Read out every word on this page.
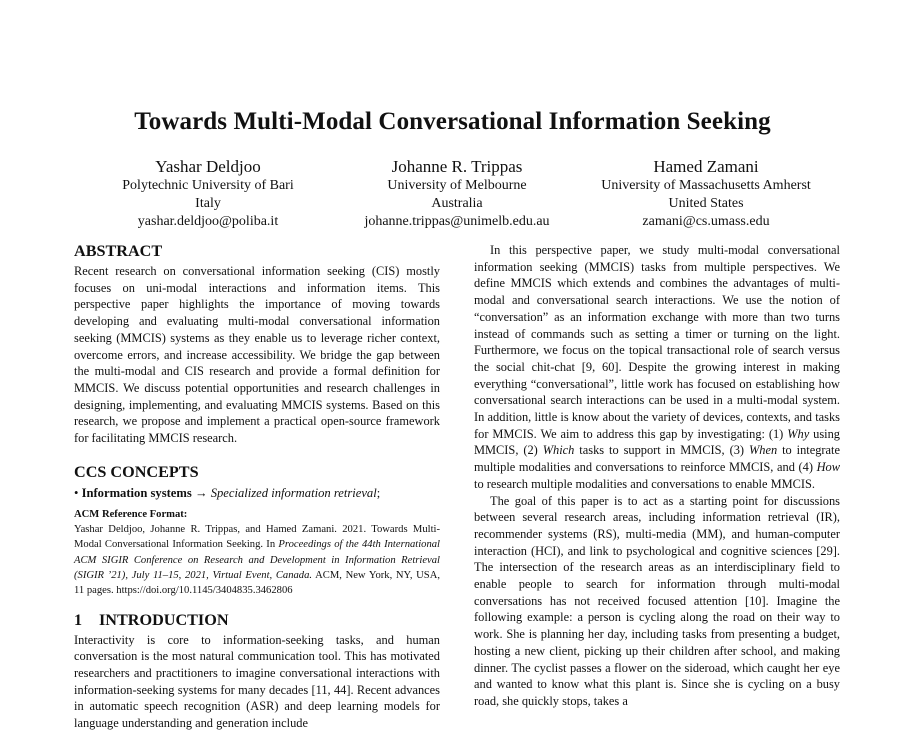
Towards Multi-Modal Conversational Information Seeking
Yashar Deldjoo
Polytechnic University of Bari
Italy
yashar.deldjoo@poliba.it
Johanne R. Trippas
University of Melbourne
Australia
johanne.trippas@unimelb.edu.au
Hamed Zamani
University of Massachusetts Amherst
United States
zamani@cs.umass.edu
ABSTRACT

Recent research on conversational information seeking (CIS) mostly focuses on uni-modal interactions and information items. This perspective paper highlights the importance of moving towards developing and evaluating multi-modal conversational information seeking (MMCIS) systems as they enable us to leverage richer context, overcome errors, and increase accessibility. We bridge the gap between the multi-modal and CIS research and provide a formal definition for MMCIS. We discuss potential opportunities and research challenges in designing, implementing, and evaluating MMCIS systems. Based on this research, we propose and implement a practical open-source framework for facilitating MMCIS research.

CCS CONCEPTS
• Information systems → Specialized information retrieval;
ACM Reference Format:

Yashar Deldjoo, Johanne R. Trippas, and Hamed Zamani. 2021. Towards Multi-Modal Conversational Information Seeking. In Proceedings of the 44th International ACM SIGIR Conference on Research and Development in Information Retrieval (SIGIR ’21), July 11–15, 2021, Virtual Event, Canada. ACM, New York, NY, USA, 11 pages. https://doi.org/10.1145/3404835.3462806

1 INTRODUCTION

Interactivity is core to information-seeking tasks, and human conversation is the most natural communication tool. This has motivated researchers and practitioners to imagine conversational interactions with information-seeking systems for many decades [11, 44]. Recent advances in automatic speech recognition (ASR) and deep learning models for language understanding and generation include

In this perspective paper, we study multi-modal conversational information seeking (MMCIS) tasks from multiple perspectives. We define MMCIS which extends and combines the advantages of multi-modal and conversational search interactions. We use the notion of “conversation” as an information exchange with more than two turns instead of commands such as setting a timer or turning on the light. Furthermore, we focus on the topical transactional role of search versus the social chit-chat [9, 60]. Despite the growing interest in making everything “conversational”, little work has focused on establishing how conversational search interactions can be used in a multi-modal system. In addition, little is know about the variety of devices, contexts, and tasks for MMCIS. We aim to address this gap by investigating: (1) Why using MMCIS, (2) Which tasks to support in MMCIS, (3) When to integrate multiple modalities and conversations to reinforce MMCIS, and (4) How to research multiple modalities and conversations to enable MMCIS.

The goal of this paper is to act as a starting point for discussions between several research areas, including information retrieval (IR), recommender systems (RS), multi-media (MM), and human-computer interaction (HCI), and link to psychological and cognitive sciences [29]. The intersection of the research areas as an interdisciplinary field to enable people to search for information through multi-modal conversations has not received focused attention [10]. Imagine the following example: a person is cycling along the road on their way to work. She is planning her day, including tasks from presenting a budget, hosting a new client, picking up their children after school, and making dinner. The cyclist passes a flower on the sideroad, which caught her eye and wanted to know what this plant is. Since she is cycling on a busy road, she quickly stops, takes a
